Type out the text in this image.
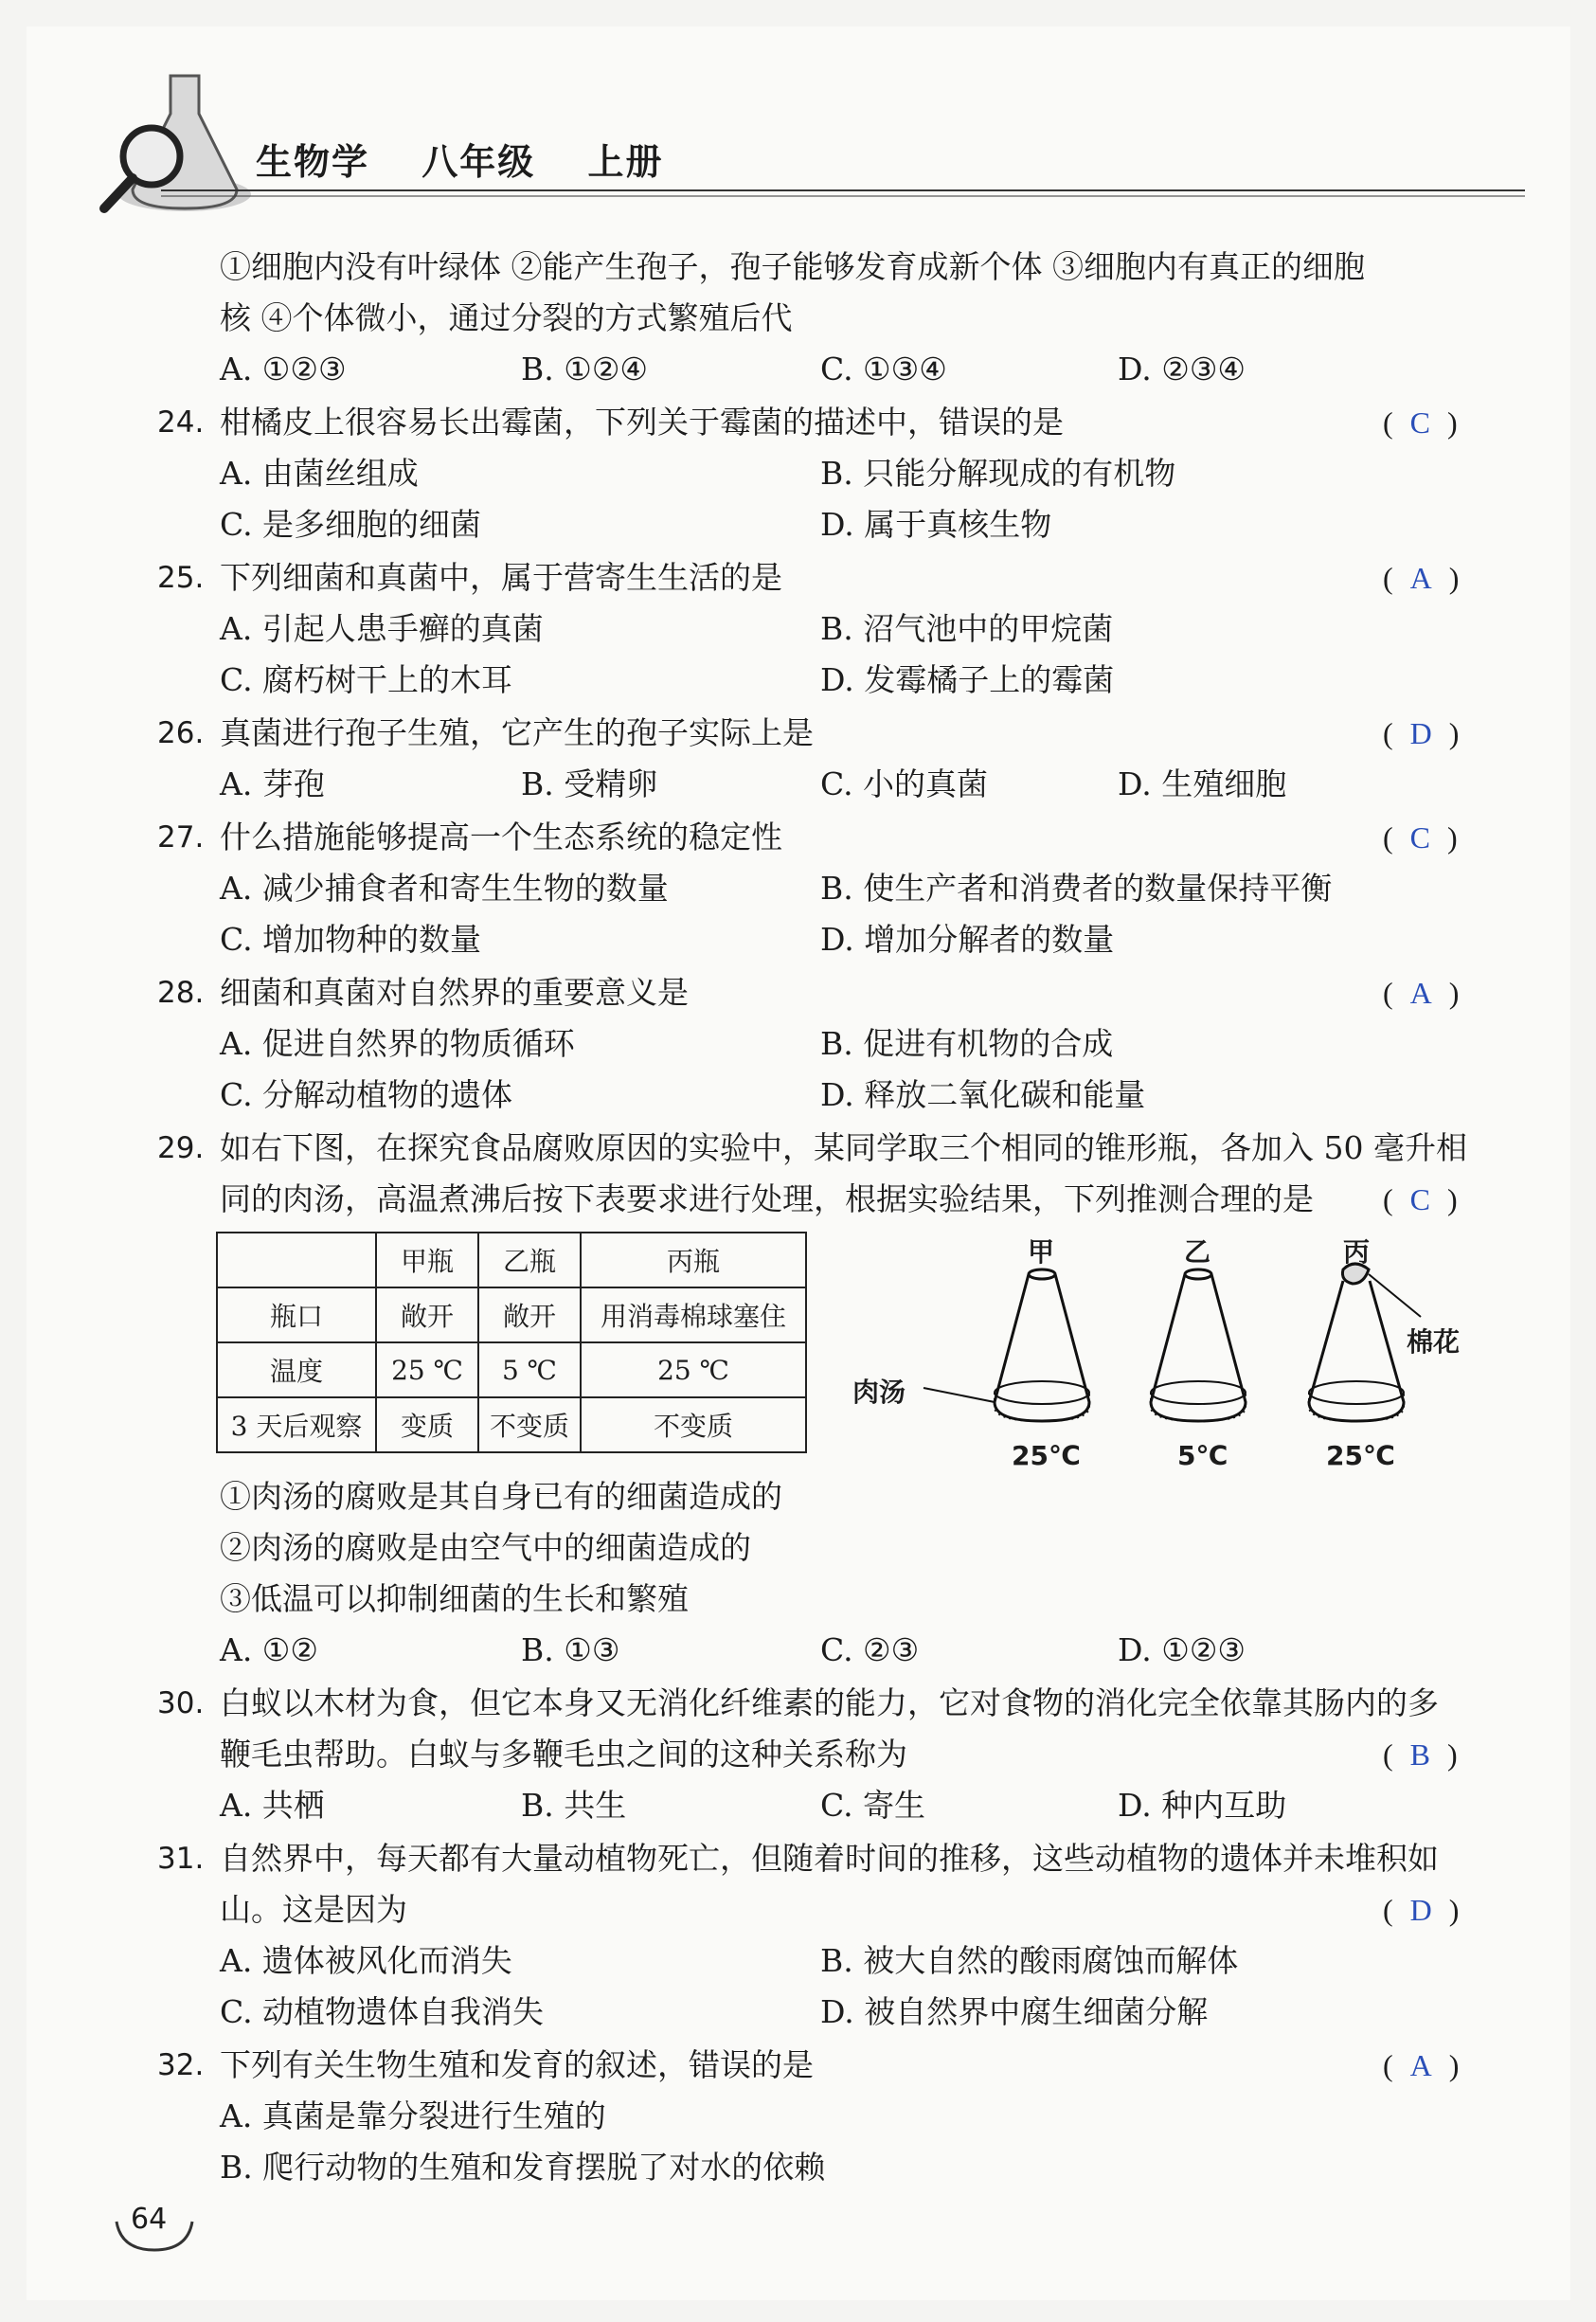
生物学 八年级 上册
①细胞内没有叶绿体 ②能产生孢子，孢子能够发育成新个体 ③细胞内有真正的细胞
核 ④个体微小，通过分裂的方式繁殖后代
A. ①②③	B. ①②④	C. ①③④	D. ②③④
24. 柑橘皮上很容易长出霉菌，下列关于霉菌的描述中，错误的是	( C )
A. 由菌丝组成	B. 只能分解现成的有机物
C. 是多细胞的细菌	D. 属于真核生物
25. 下列细菌和真菌中，属于营寄生生活的是	( A )
A. 引起人患手癣的真菌	B. 沼气池中的甲烷菌
C. 腐朽树干上的木耳	D. 发霉橘子上的霉菌
26. 真菌进行孢子生殖，它产生的孢子实际上是	( D )
A. 芽孢	B. 受精卵	C. 小的真菌	D. 生殖细胞
27. 什么措施能够提高一个生态系统的稳定性	( C )
A. 减少捕食者和寄生生物的数量	B. 使生产者和消费者的数量保持平衡
C. 增加物种的数量	D. 增加分解者的数量
28. 细菌和真菌对自然界的重要意义是	( A )
A. 促进自然界的物质循环	B. 促进有机物的合成
C. 分解动植物的遗体	D. 释放二氧化碳和能量
29. 如右下图，在探究食品腐败原因的实验中，某同学取三个相同的锥形瓶，各加入 50 毫升相
同的肉汤，高温煮沸后按下表要求进行处理，根据实验结果，下列推测合理的是 ( C )
	甲瓶	乙瓶	丙瓶
瓶口	敞开	敞开	用消毒棉球塞住
温度	25 ℃	5 ℃	25 ℃
3 天后观察	变质	不变质	不变质
甲	乙	丙
肉汤
棉花
25℃	5℃	25℃
①肉汤的腐败是其自身已有的细菌造成的
②肉汤的腐败是由空气中的细菌造成的
③低温可以抑制细菌的生长和繁殖
A. ①②	B. ①③	C. ②③	D. ①②③
30. 白蚁以木材为食，但它本身又无消化纤维素的能力，它对食物的消化完全依靠其肠内的多
鞭毛虫帮助。白蚁与多鞭毛虫之间的这种关系称为	( B )
A. 共栖	B. 共生	C. 寄生	D. 种内互助
31. 自然界中，每天都有大量动植物死亡，但随着时间的推移，这些动植物的遗体并未堆积如
山。这是因为	( D )
A. 遗体被风化而消失	B. 被大自然的酸雨腐蚀而解体
C. 动植物遗体自我消失	D. 被自然界中腐生细菌分解
32. 下列有关生物生殖和发育的叙述，错误的是	( A )
A. 真菌是靠分裂进行生殖的
B. 爬行动物的生殖和发育摆脱了对水的依赖
64
